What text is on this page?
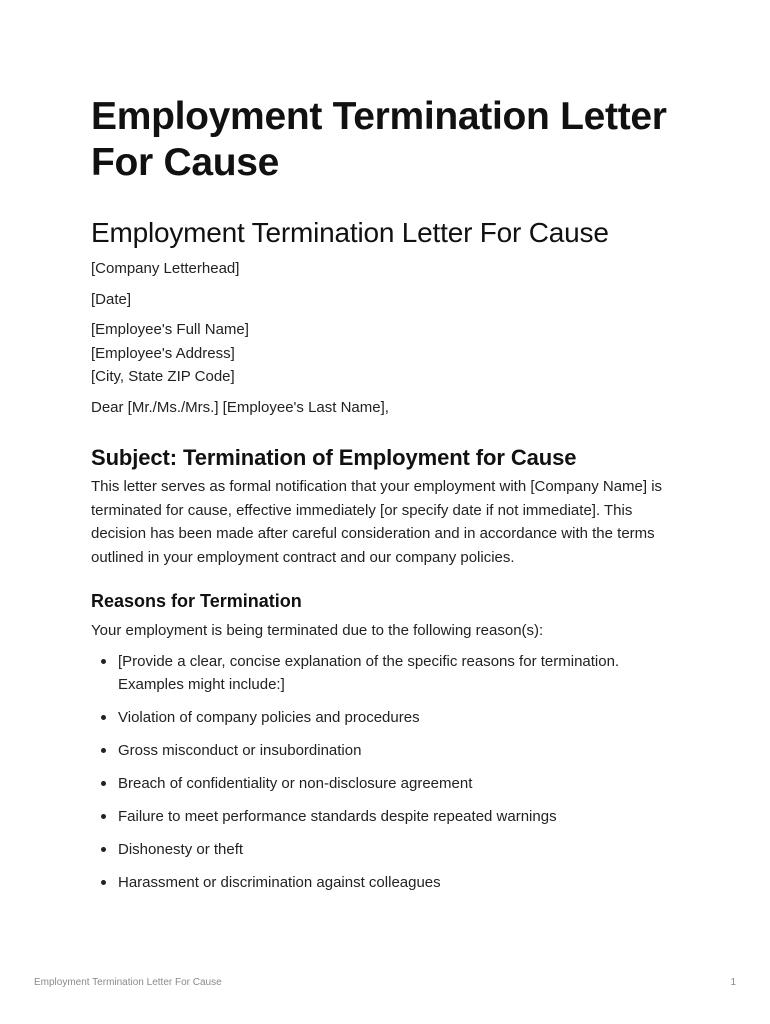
Employment Termination Letter For Cause
Employment Termination Letter For Cause

[Company Letterhead]

[Date]

[Employee's Full Name]
[Employee's Address]
[City, State ZIP Code]

Dear [Mr./Ms./Mrs.] [Employee's Last Name],

Subject: Termination of Employment for Cause

This letter serves as formal notification that your employment with [Company Name] is terminated for cause, effective immediately [or specify date if not immediate]. This decision has been made after careful consideration and in accordance with the terms outlined in your employment contract and our company policies.

Reasons for Termination

Your employment is being terminated due to the following reason(s):

[Provide a clear, concise explanation of the specific reasons for termination. Examples might include:]
Violation of company policies and procedures
Gross misconduct or insubordination
Breach of confidentiality or non-disclosure agreement
Failure to meet performance standards despite repeated warnings
Dishonesty or theft
Harassment or discrimination against colleagues
Employment Termination Letter For Cause	1
